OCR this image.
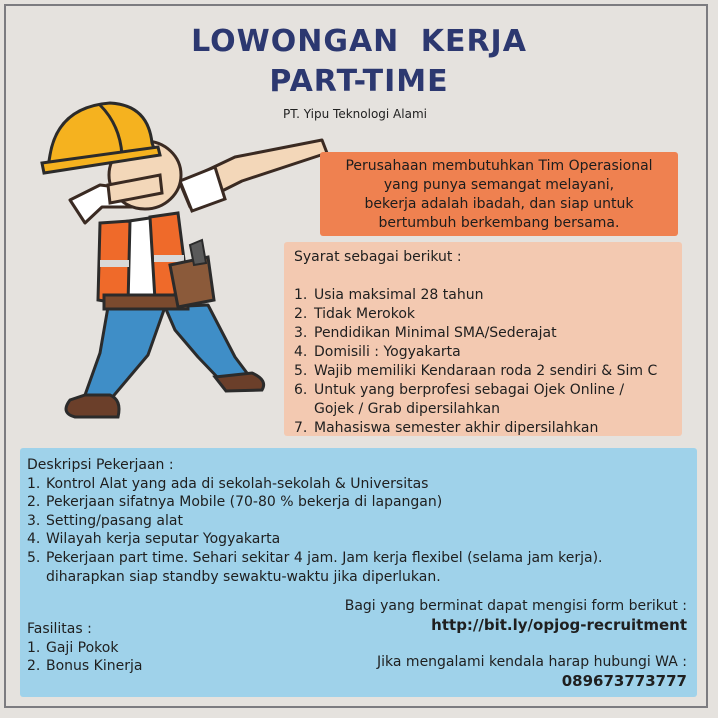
LOWONGAN KERJA
PART-TIME
PT. Yipu Teknologi Alami
Perusahaan membutuhkan Tim Operasional
yang punya semangat melayani,
bekerja adalah ibadah, dan siap untuk
bertumbuh berkembang bersama.
Syarat sebagai berikut :
1. Usia maksimal 28 tahun
2. Tidak Merokok
3. Pendidikan Minimal SMA/Sederajat
4. Domisili : Yogyakarta
5. Wajib memiliki Kendaraan roda 2 sendiri & Sim C
6. Untuk yang berprofesi sebagai Ojek Online /
Gojek / Grab dipersilahkan
7. Mahasiswa semester akhir dipersilahkan
Deskripsi Pekerjaan :
1. Kontrol Alat yang ada di sekolah-sekolah & Universitas
2. Pekerjaan sifatnya Mobile (70-80 % bekerja di lapangan)
3. Setting/pasang alat
4. Wilayah kerja seputar Yogyakarta
5. Pekerjaan part time. Sehari sekitar 4 jam. Jam kerja flexibel (selama jam kerja).
diharapkan siap standby sewaktu-waktu jika diperlukan.
Fasilitas :
1. Gaji Pokok
2. Bonus Kinerja
Bagi yang berminat dapat mengisi form berikut :
http://bit.ly/opjog-recruitment
Jika mengalami kendala harap hubungi WA :
089673773777
